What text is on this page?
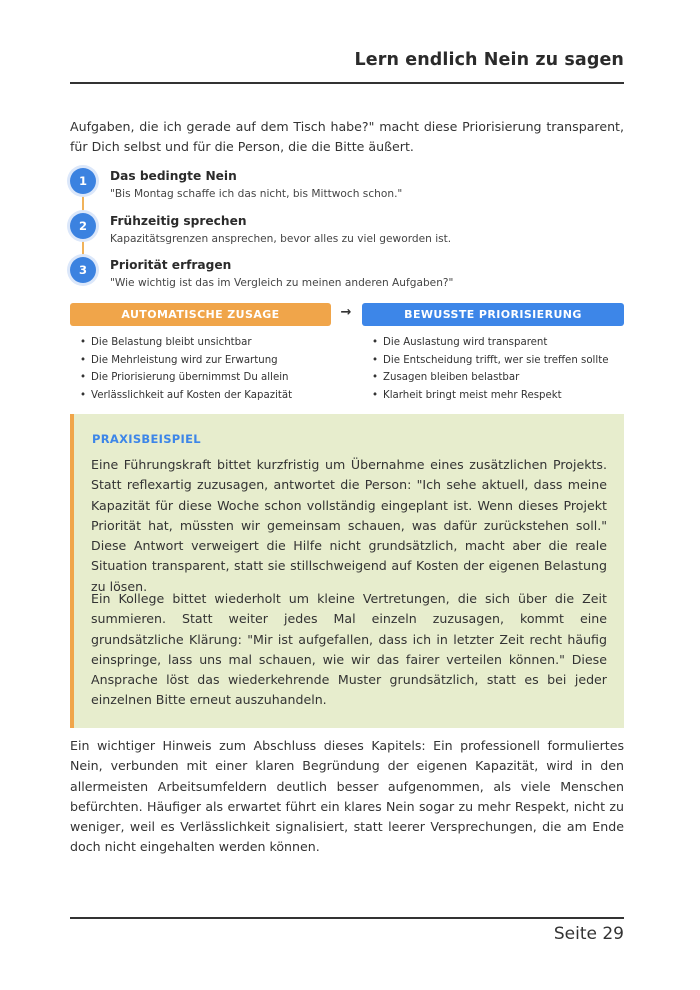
Lern endlich Nein zu sagen
Aufgaben, die ich gerade auf dem Tisch habe?" macht diese Priorisierung transparent, für Dich selbst und für die Person, die die Bitte äußert.
1	Das bedingte Nein
"Bis Montag schaffe ich das nicht, bis Mittwoch schon."
2	Frühzeitig sprechen
Kapazitätsgrenzen ansprechen, bevor alles zu viel geworden ist.
3	Priorität erfragen
"Wie wichtig ist das im Vergleich zu meinen anderen Aufgaben?"
AUTOMATISCHE ZUSAGE	→	BEWUSSTE PRIORISIERUNG
• Die Belastung bleibt unsichtbar
• Die Mehrleistung wird zur Erwartung
• Die Priorisierung übernimmst Du allein
• Verlässlichkeit auf Kosten der Kapazität
• Die Auslastung wird transparent
• Die Entscheidung trifft, wer sie treffen sollte
• Zusagen bleiben belastbar
• Klarheit bringt meist mehr Respekt
PRAXISBEISPIEL
Eine Führungskraft bittet kurzfristig um Übernahme eines zusätzlichen Projekts. Statt reflexartig zuzusagen, antwortet die Person: "Ich sehe aktuell, dass meine Kapazität für diese Woche schon vollständig eingeplant ist. Wenn dieses Projekt Priorität hat, müssten wir gemeinsam schauen, was dafür zurückstehen soll." Diese Antwort verweigert die Hilfe nicht grundsätzlich, macht aber die reale Situation transparent, statt sie stillschweigend auf Kosten der eigenen Belastung zu lösen.
Ein Kollege bittet wiederholt um kleine Vertretungen, die sich über die Zeit summieren. Statt weiter jedes Mal einzeln zuzusagen, kommt eine grundsätzliche Klärung: "Mir ist aufgefallen, dass ich in letzter Zeit recht häufig einspringe, lass uns mal schauen, wie wir das fairer verteilen können." Diese Ansprache löst das wiederkehrende Muster grundsätzlich, statt es bei jeder einzelnen Bitte erneut auszuhandeln.
Ein wichtiger Hinweis zum Abschluss dieses Kapitels: Ein professionell formuliertes Nein, verbunden mit einer klaren Begründung der eigenen Kapazität, wird in den allermeisten Arbeitsumfeldern deutlich besser aufgenommen, als viele Menschen befürchten. Häufiger als erwartet führt ein klares Nein sogar zu mehr Respekt, nicht zu weniger, weil es Verlässlichkeit signalisiert, statt leerer Versprechungen, die am Ende doch nicht eingehalten werden können.
Seite 29
